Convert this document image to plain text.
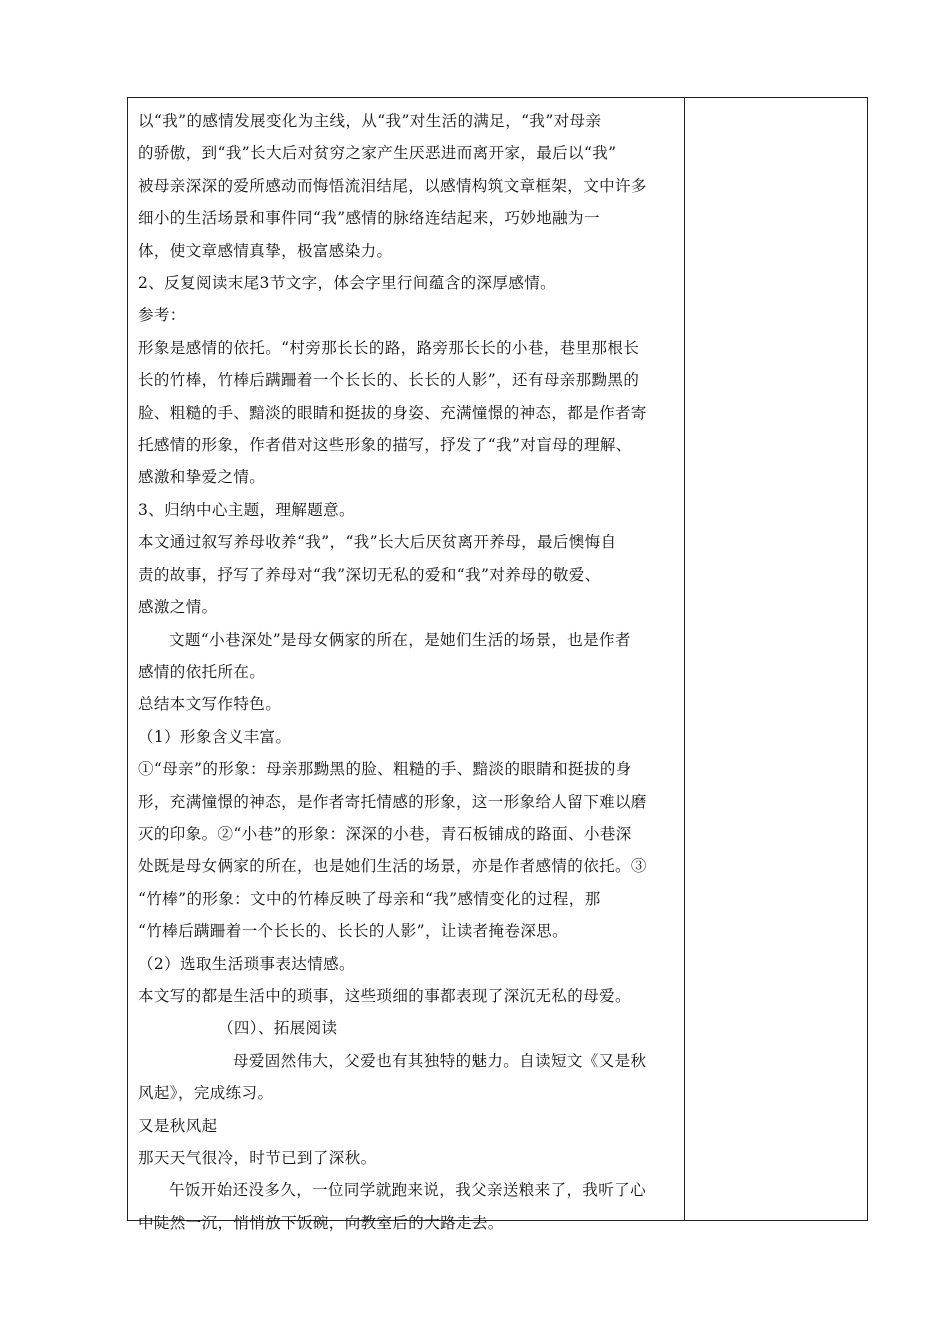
以“我”的感情发展变化为主线，从“我”对生活的满足，“我”对母亲
的骄傲，到“我”长大后对贫穷之家产生厌恶进而离开家，最后以“我”
被母亲深深的爱所感动而悔悟流泪结尾，以感情构筑文章框架，文中许多
细小的生活场景和事件同“我”感情的脉络连结起来，巧妙地融为一
体，使文章感情真挚，极富感染力。
2、反复阅读末尾3节文字，体会字里行间蕴含的深厚感情。
参考：
形象是感情的依托。“村旁那长长的路，路旁那长长的小巷，巷里那根长
长的竹棒，竹棒后蹒跚着一个长长的、长长的人影”，还有母亲那黝黑的
脸、粗糙的手、黯淡的眼睛和挺拔的身姿、充满憧憬的神态，都是作者寄
托感情的形象，作者借对这些形象的描写，抒发了“我”对盲母的理解、
感激和挚爱之情。
3、归纳中心主题，理解题意。
本文通过叙写养母收养“我”，“我”长大后厌贫离开养母，最后懊悔自
责的故事，抒写了养母对“我”深切无私的爱和“我”对养母的敬爱、
感激之情。
文题“小巷深处”是母女俩家的所在，是她们生活的场景，也是作者
感情的依托所在。
总结本文写作特色。
（1）形象含义丰富。
①“母亲”的形象：母亲那黝黑的脸、粗糙的手、黯淡的眼睛和挺拔的身
形，充满憧憬的神态，是作者寄托情感的形象，这一形象给人留下难以磨
灭的印象。②“小巷”的形象：深深的小巷，青石板铺成的路面、小巷深
处既是母女俩家的所在，也是她们生活的场景，亦是作者感情的依托。③
“竹棒”的形象：文中的竹棒反映了母亲和“我”感情变化的过程，那
“竹棒后蹒跚着一个长长的、长长的人影”，让读者掩卷深思。
（2）选取生活琐事表达情感。
本文写的都是生活中的琐事，这些琐细的事都表现了深沉无私的母爱。
（四）、拓展阅读
母爱固然伟大，父爱也有其独特的魅力。自读短文《又是秋
风起》，完成练习。
又是秋风起
那天天气很冷，时节已到了深秋。
午饭开始还没多久，一位同学就跑来说，我父亲送粮来了，我听了心
中陡然一沉，悄悄放下饭碗，向教室后的大路走去。
